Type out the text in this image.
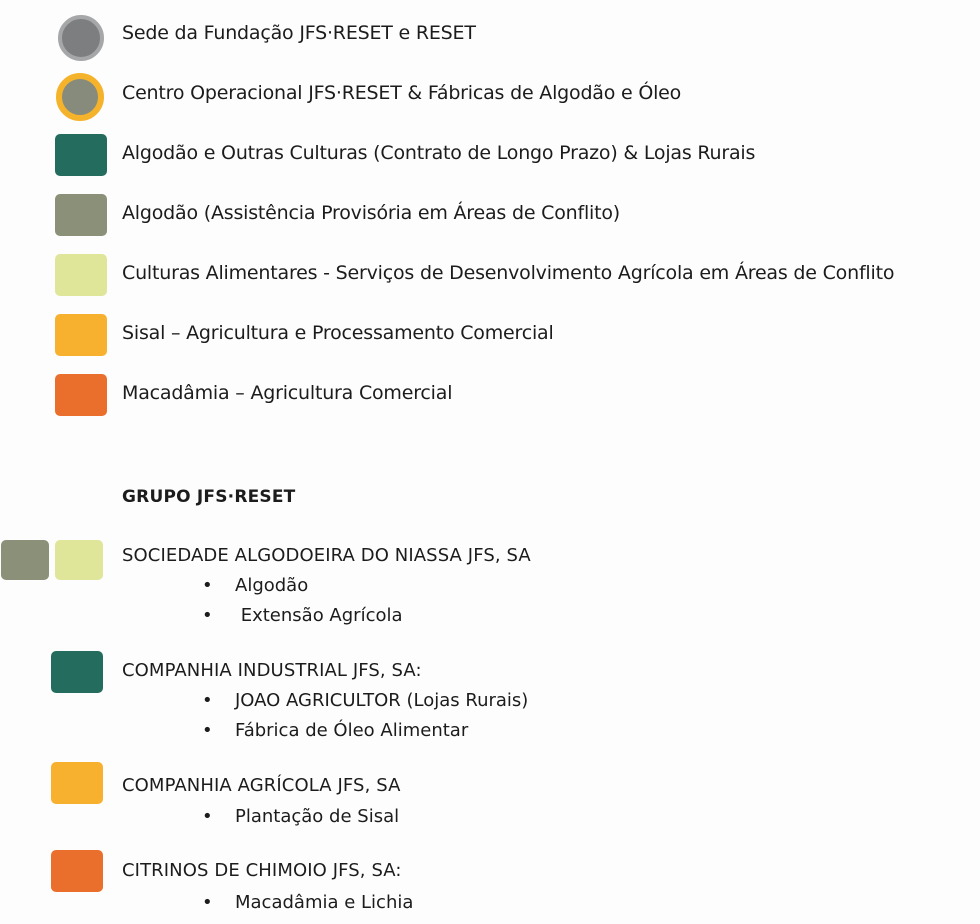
Sede da Fundação JFS·RESET e RESET
Centro Operacional JFS·RESET & Fábricas de Algodão e Óleo
Algodão e Outras Culturas (Contrato de Longo Prazo) & Lojas Rurais
Algodão (Assistência Provisória em Áreas de Conflito)
Culturas Alimentares - Serviços de Desenvolvimento Agrícola em Áreas de Conflito
Sisal – Agricultura e Processamento Comercial
Macadâmia – Agricultura Comercial
GRUPO JFS·RESET
SOCIEDADE ALGODOEIRA DO NIASSA JFS, SA
• Algodão
•  Extensão Agrícola
COMPANHIA INDUSTRIAL JFS, SA:
• JOAO AGRICULTOR (Lojas Rurais)
• Fábrica de Óleo Alimentar
COMPANHIA AGRÍCOLA JFS, SA
• Plantação de Sisal
CITRINOS DE CHIMOIO JFS, SA:
• Macadâmia e Lichia
